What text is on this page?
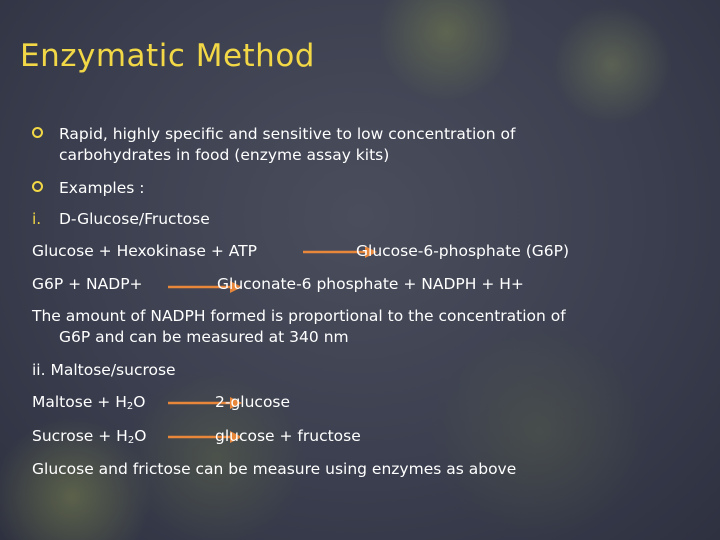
Enzymatic Method
Rapid, highly specific and sensitive to low concentration of
carbohydrates in food (enzyme assay kits)
Examples :
i. D-Glucose/Fructose
Glucose + Hexokinase + ATP	Glucose-6-phosphate (G6P)
G6P + NADP+	Gluconate-6 phosphate + NADPH + H+
The amount of NADPH formed is proportional to the concentration of
G6P and can be measured at 340 nm
ii. Maltose/sucrose
Maltose + $H_2O$	2-glucose
Sucrose + $H_2O$	glucose + fructose
Glucose and frictose can be measure using enzymes as above
